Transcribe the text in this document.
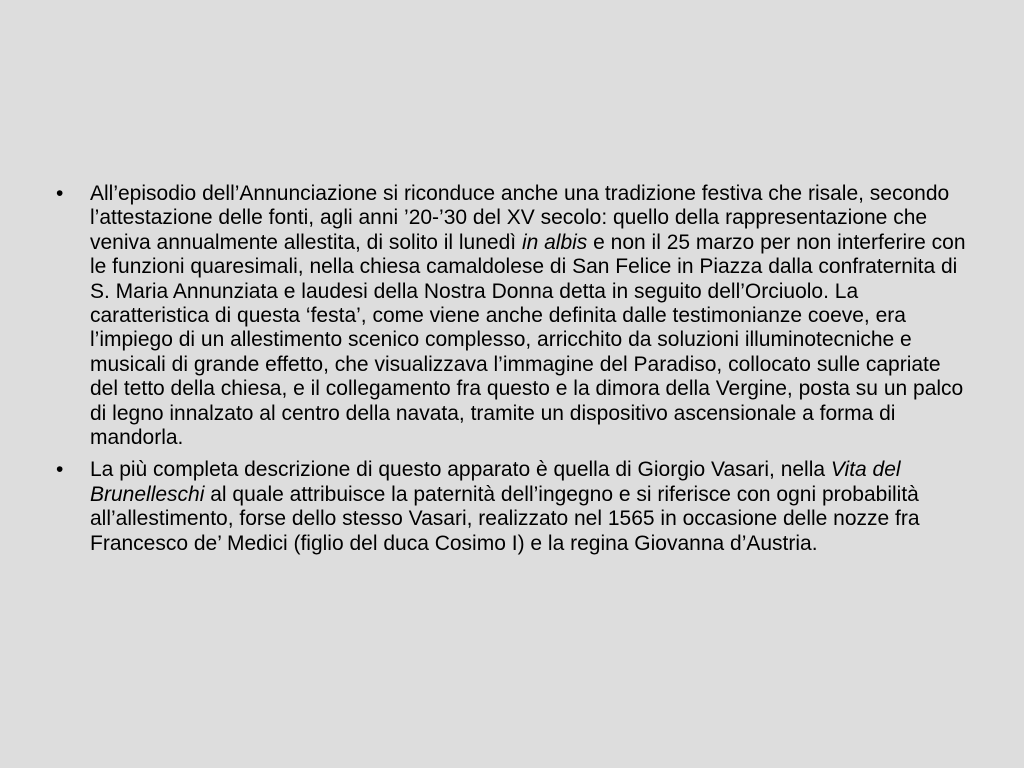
• All’episodio dell’Annunciazione si riconduce anche una tradizione festiva che risale, secondo l’attestazione delle fonti, agli anni ’20-’30 del XV secolo: quello della rappresentazione che veniva annualmente allestita, di solito il lunedì in albis e non il 25 marzo per non interferire con le funzioni quaresimali, nella chiesa camaldolese di San Felice in Piazza dalla confraternita di S. Maria Annunziata e laudesi della Nostra Donna detta in seguito dell’Orciuolo. La caratteristica di questa ‘festa’, come viene anche definita dalle testimonianze coeve, era l’impiego di un allestimento scenico complesso, arricchito da soluzioni illuminotecniche e musicali di grande effetto, che visualizzava l’immagine del Paradiso, collocato sulle capriate del tetto della chiesa, e il collegamento fra questo e la dimora della Vergine, posta su un palco di legno innalzato al centro della navata, tramite un dispositivo ascensionale a forma di mandorla.
• La più completa descrizione di questo apparato è quella di Giorgio Vasari, nella Vita del Brunelleschi al quale attribuisce la paternità dell’ingegno e si riferisce con ogni probabilità all’allestimento, forse dello stesso Vasari, realizzato nel 1565 in occasione delle nozze fra Francesco de’ Medici (figlio del duca Cosimo I) e la regina Giovanna d’Austria.
